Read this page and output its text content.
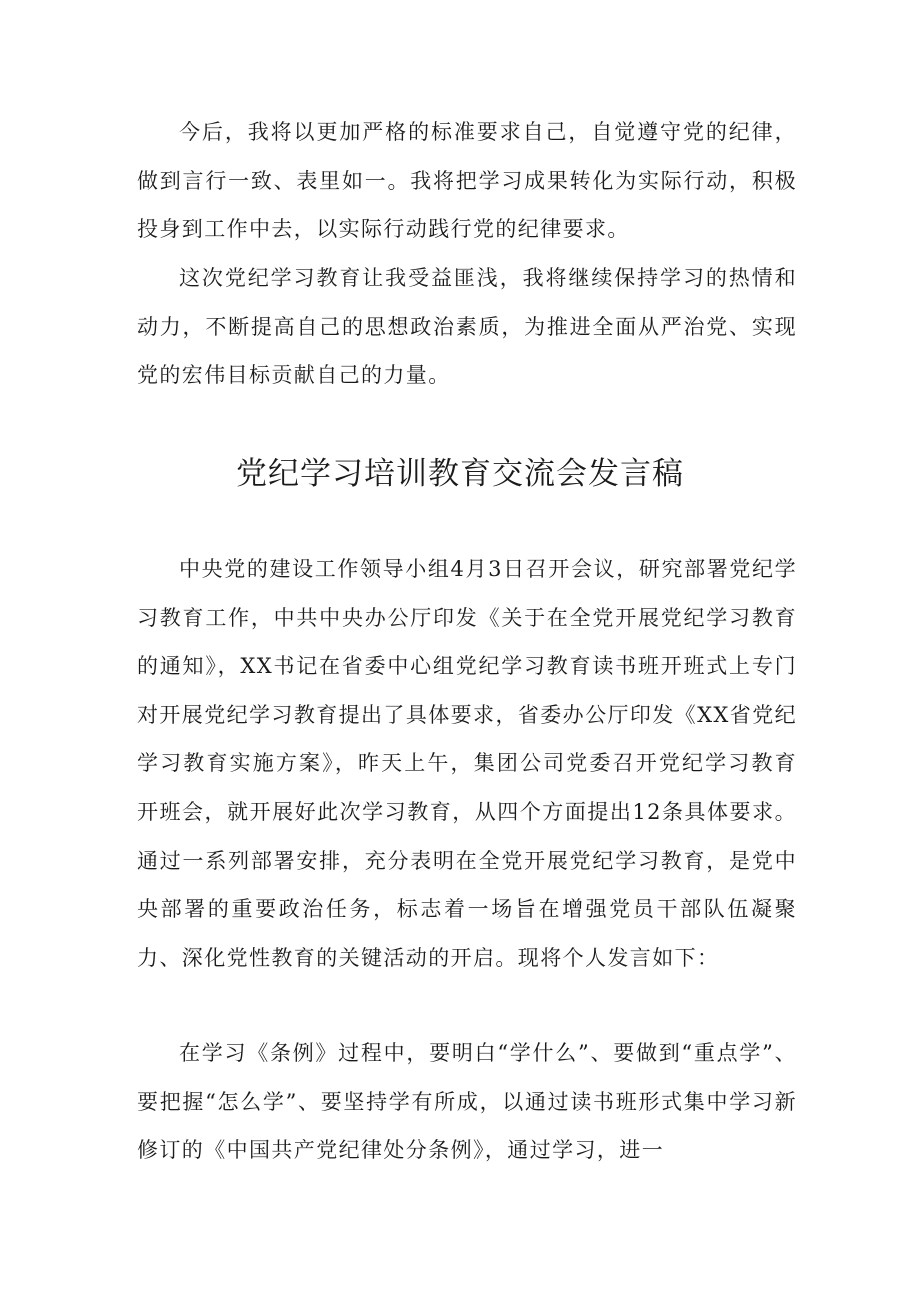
今后，我将以更加严格的标准要求自己，自觉遵守党的纪律，做到言行一致、表里如一。我将把学习成果转化为实际行动，积极投身到工作中去，以实际行动践行党的纪律要求。

这次党纪学习教育让我受益匪浅，我将继续保持学习的热情和动力，不断提高自己的思想政治素质，为推进全面从严治党、实现党的宏伟目标贡献自己的力量。

党纪学习培训教育交流会发言稿

中央党的建设工作领导小组4月3日召开会议，研究部署党纪学习教育工作，中共中央办公厅印发《关于在全党开展党纪学习教育的通知》，XX书记在省委中心组党纪学习教育读书班开班式上专门对开展党纪学习教育提出了具体要求，省委办公厅印发《XX省党纪学习教育实施方案》，昨天上午，集团公司党委召开党纪学习教育开班会，就开展好此次学习教育，从四个方面提出12条具体要求。通过一系列部署安排，充分表明在全党开展党纪学习教育，是党中央部署的重要政治任务，标志着一场旨在增强党员干部队伍凝聚力、深化党性教育的关键活动的开启。现将个人发言如下：

在学习《条例》过程中，要明白“学什么”、要做到“重点学”、要把握“怎么学”、要坚持学有所成，以通过读书班形式集中学习新修订的《中国共产党纪律处分条例》，通过学习，进一
